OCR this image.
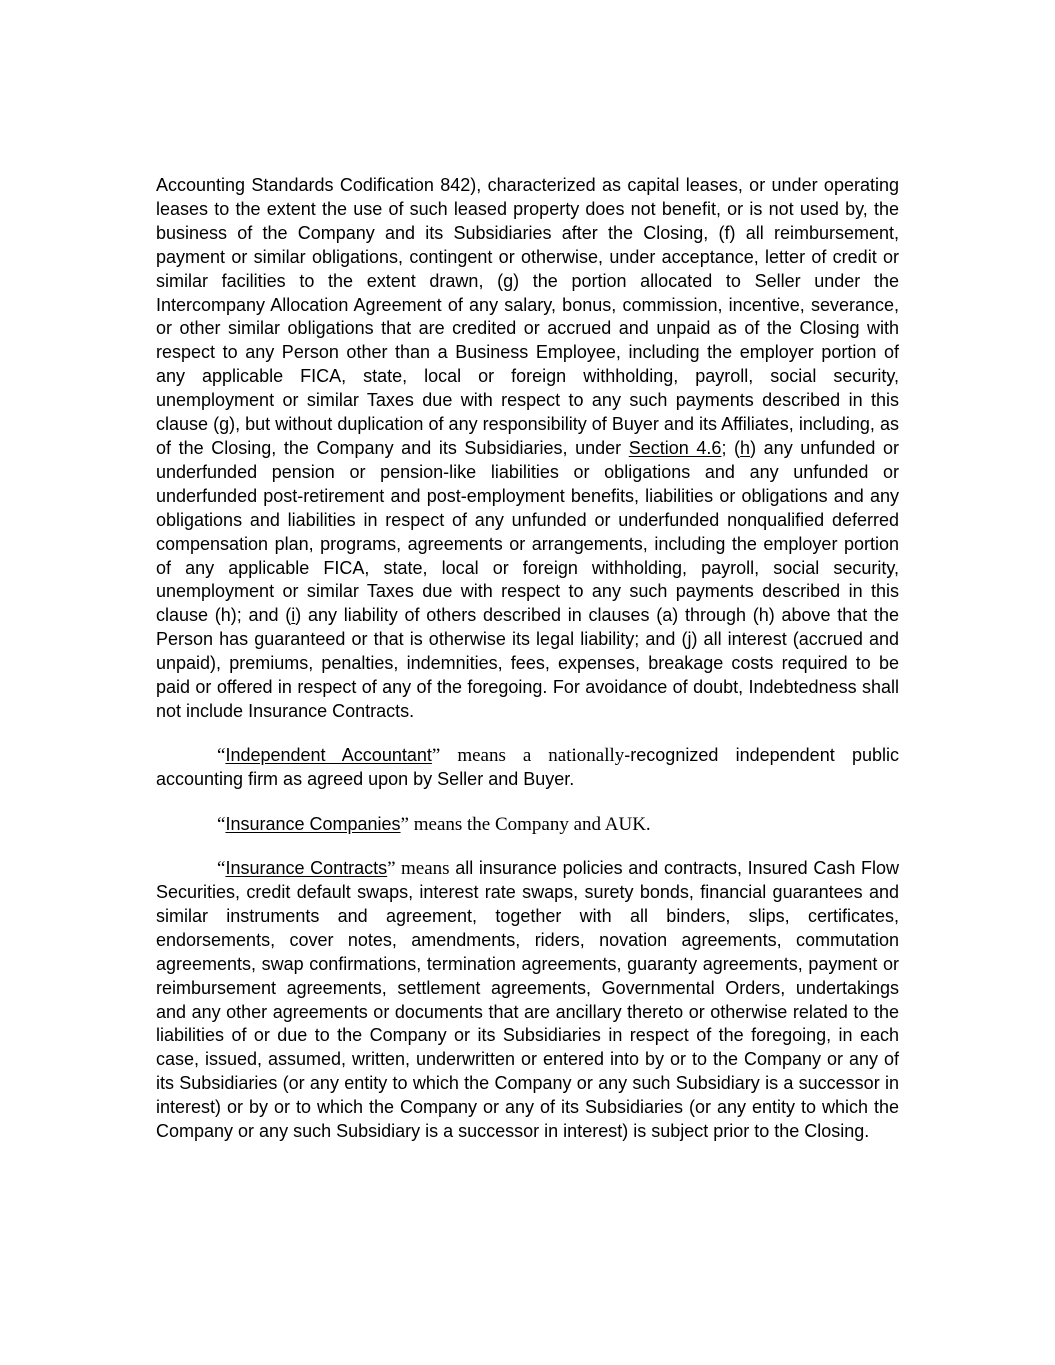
Accounting Standards Codification 842), characterized as capital leases, or under operating leases to the extent the use of such leased property does not benefit, or is not used by, the business of the Company and its Subsidiaries after the Closing, (f) all reimbursement, payment or similar obligations, contingent or otherwise, under acceptance, letter of credit or similar facilities to the extent drawn, (g) the portion allocated to Seller under the Intercompany Allocation Agreement of any salary, bonus, commission, incentive, severance, or other similar obligations that are credited or accrued and unpaid as of the Closing with respect to any Person other than a Business Employee, including the employer portion of any applicable FICA, state, local or foreign withholding, payroll, social security, unemployment or similar Taxes due with respect to any such payments described in this clause (g), but without duplication of any responsibility of Buyer and its Affiliates, including, as of the Closing, the Company and its Subsidiaries, under Section 4.6; (h) any unfunded or underfunded pension or pension-like liabilities or obligations and any unfunded or underfunded post-retirement and post-employment benefits, liabilities or obligations and any obligations and liabilities in respect of any unfunded or underfunded nonqualified deferred compensation plan, programs, agreements or arrangements, including the employer portion of any applicable FICA, state, local or foreign withholding, payroll, social security, unemployment or similar Taxes due with respect to any such payments described in this clause (h); and (i) any liability of others described in clauses (a) through (h) above that the Person has guaranteed or that is otherwise its legal liability; and (j) all interest (accrued and unpaid), premiums, penalties, indemnities, fees, expenses, breakage costs required to be paid or offered in respect of any of the foregoing. For avoidance of doubt, Indebtedness shall not include Insurance Contracts.

“Independent Accountant” means a nationally-recognized independent public accounting firm as agreed upon by Seller and Buyer.

“Insurance Companies” means the Company and AUK.

“Insurance Contracts” means all insurance policies and contracts, Insured Cash Flow Securities, credit default swaps, interest rate swaps, surety bonds, financial guarantees and similar instruments and agreement, together with all binders, slips, certificates, endorsements, cover notes, amendments, riders, novation agreements, commutation agreements, swap confirmations, termination agreements, guaranty agreements, payment or reimbursement agreements, settlement agreements, Governmental Orders, undertakings and any other agreements or documents that are ancillary thereto or otherwise related to the liabilities of or due to the Company or its Subsidiaries in respect of the foregoing, in each case, issued, assumed, written, underwritten or entered into by or to the Company or any of its Subsidiaries (or any entity to which the Company or any such Subsidiary is a successor in interest) or by or to which the Company or any of its Subsidiaries (or any entity to which the Company or any such Subsidiary is a successor in interest) is subject prior to the Closing.
